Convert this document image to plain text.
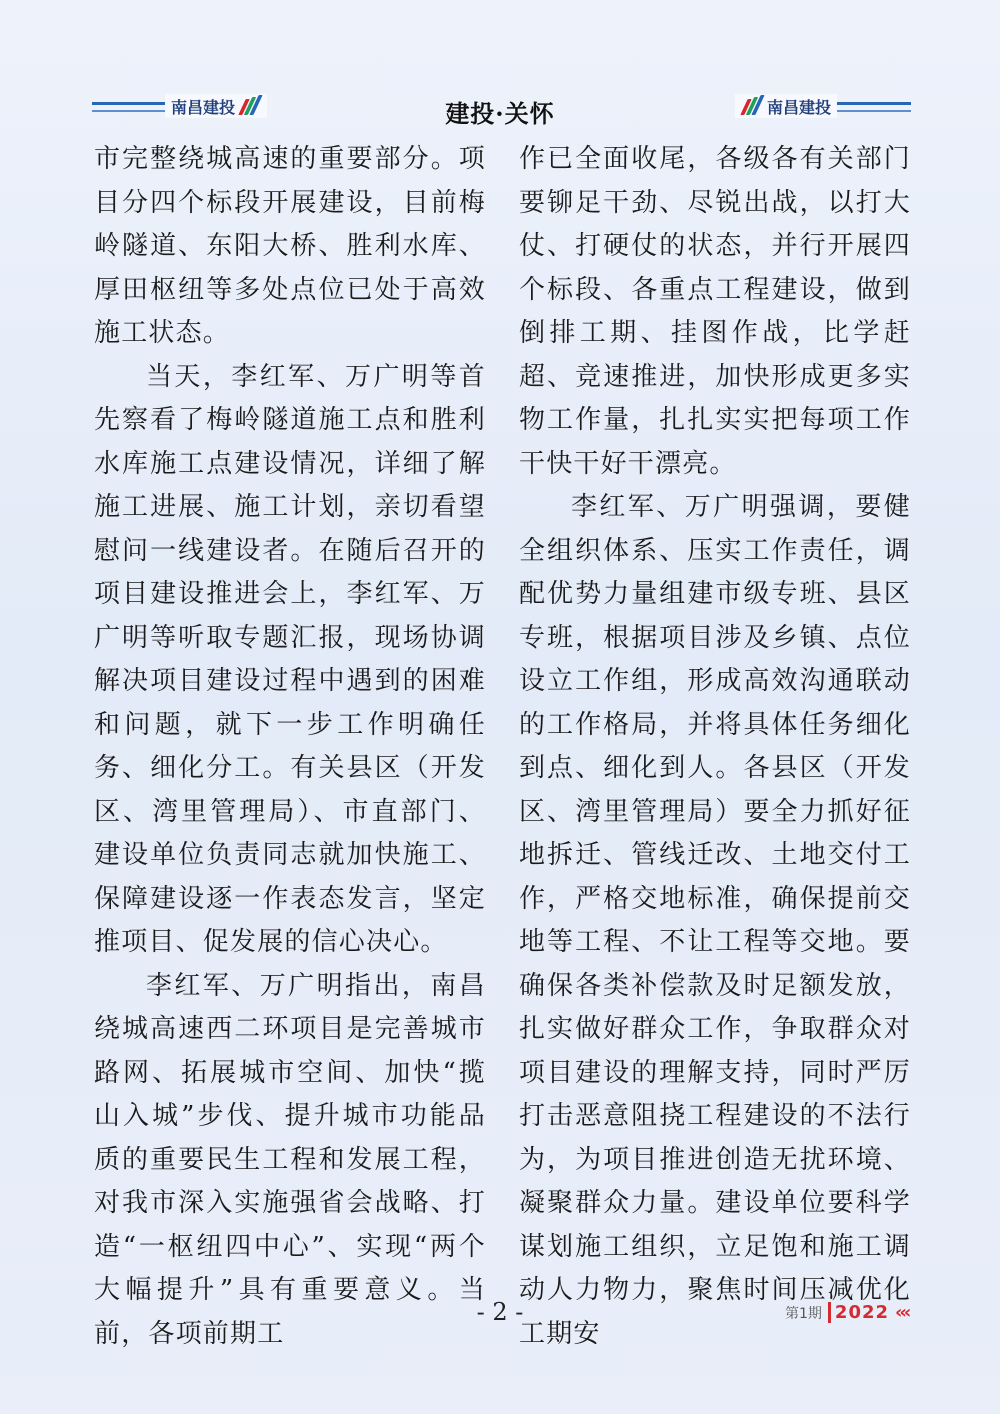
南昌建投	建投·关怀	南昌建投

市完整绕城高速的重要部分。项目分四个标段开展建设，目前梅岭隧道、东阳大桥、胜利水库、厚田枢纽等多处点位已处于高效施工状态。

当天，李红军、万广明等首先察看了梅岭隧道施工点和胜利水库施工点建设情况，详细了解施工进展、施工计划，亲切看望慰问一线建设者。在随后召开的项目建设推进会上，李红军、万广明等听取专题汇报，现场协调解决项目建设过程中遇到的困难和问题，就下一步工作明确任务、细化分工。有关县区（开发区、湾里管理局）、市直部门、建设单位负责同志就加快施工、保障建设逐一作表态发言，坚定推项目、促发展的信心决心。

李红军、万广明指出，南昌绕城高速西二环项目是完善城市路网、拓展城市空间、加快“揽山入城”步伐、提升城市功能品质的重要民生工程和发展工程，对我市深入实施强省会战略、打造“一枢纽四中心”、实现“两个大幅提升”具有重要意义。当前，各项前期工

作已全面收尾，各级各有关部门要铆足干劲、尽锐出战，以打大仗、打硬仗的状态，并行开展四个标段、各重点工程建设，做到倒排工期、挂图作战，比学赶超、竞速推进，加快形成更多实物工作量，扎扎实实把每项工作干快干好干漂亮。

李红军、万广明强调，要健全组织体系、压实工作责任，调配优势力量组建市级专班、县区专班，根据项目涉及乡镇、点位设立工作组，形成高效沟通联动的工作格局，并将具体任务细化到点、细化到人。各县区（开发区、湾里管理局）要全力抓好征地拆迁、管线迁改、土地交付工作，严格交地标准，确保提前交地等工程、不让工程等交地。要确保各类补偿款及时足额发放，扎实做好群众工作，争取群众对项目建设的理解支持，同时严厉打击恶意阻挠工程建设的不法行为，为项目推进创造无扰环境、凝聚群众力量。建设单位要科学谋划施工组织，立足饱和施工调动人力物力，聚焦时间压减优化工期安

- 2 -	第1期 2022 ‹‹‹
